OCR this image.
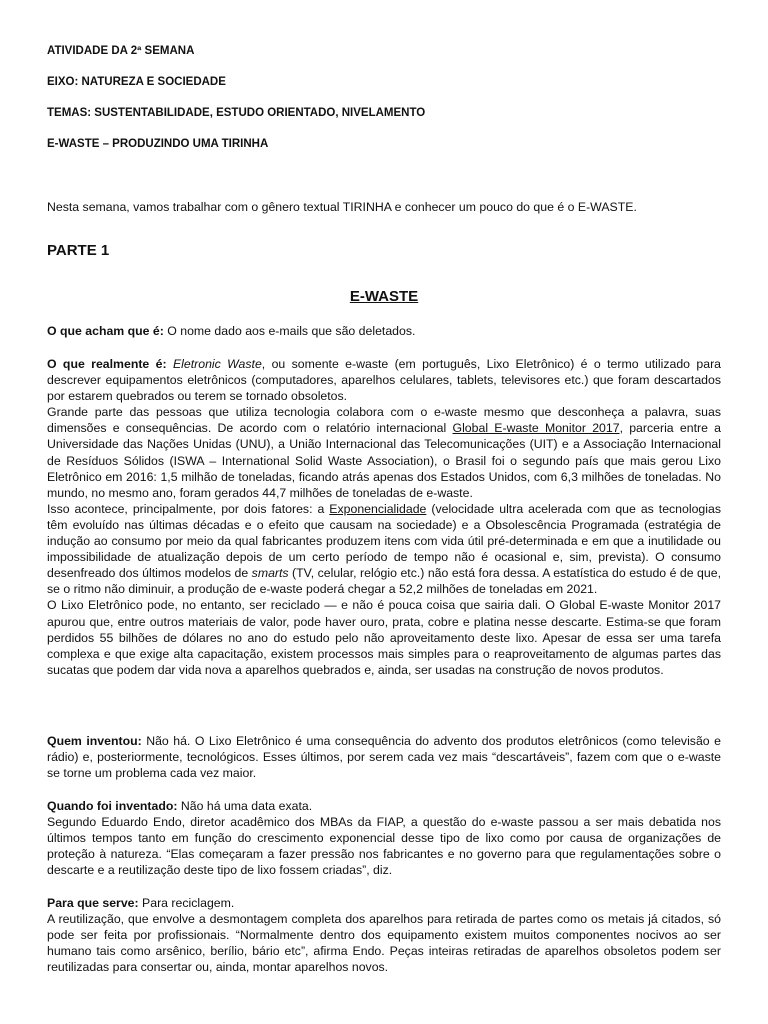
ATIVIDADE DA 2ª SEMANA

EIXO: NATUREZA E SOCIEDADE

TEMAS: SUSTENTABILIDADE, ESTUDO ORIENTADO, NIVELAMENTO

E-WASTE – PRODUZINDO UMA TIRINHA

Nesta semana, vamos trabalhar com o gênero textual TIRINHA e conhecer um pouco do que é o E-WASTE.

PARTE 1

E-WASTE

O que acham que é: O nome dado aos e-mails que são deletados.

O que realmente é: Eletronic Waste, ou somente e-waste (em português, Lixo Eletrônico) é o termo utilizado para descrever equipamentos eletrônicos (computadores, aparelhos celulares, tablets, televisores etc.) que foram descartados por estarem quebrados ou terem se tornado obsoletos.

Grande parte das pessoas que utiliza tecnologia colabora com o e-waste mesmo que desconheça a palavra, suas dimensões e consequências. De acordo com o relatório internacional Global E-waste Monitor 2017, parceria entre a Universidade das Nações Unidas (UNU), a União Internacional das Telecomunicações (UIT) e a Associação Internacional de Resíduos Sólidos (ISWA – International Solid Waste Association), o Brasil foi o segundo país que mais gerou Lixo Eletrônico em 2016: 1,5 milhão de toneladas, ficando atrás apenas dos Estados Unidos, com 6,3 milhões de toneladas. No mundo, no mesmo ano, foram gerados 44,7 milhões de toneladas de e-waste.

Isso acontece, principalmente, por dois fatores: a Exponencialidade (velocidade ultra acelerada com que as tecnologias têm evoluído nas últimas décadas e o efeito que causam na sociedade) e a Obsolescência Programada (estratégia de indução ao consumo por meio da qual fabricantes produzem itens com vida útil pré-determinada e em que a inutilidade ou impossibilidade de atualização depois de um certo período de tempo não é ocasional e, sim, prevista). O consumo desenfreado dos últimos modelos de smarts (TV, celular, relógio etc.) não está fora dessa. A estatística do estudo é de que, se o ritmo não diminuir, a produção de e-waste poderá chegar a 52,2 milhões de toneladas em 2021.

O Lixo Eletrônico pode, no entanto, ser reciclado — e não é pouca coisa que sairia dali. O Global E-waste Monitor 2017 apurou que, entre outros materiais de valor, pode haver ouro, prata, cobre e platina nesse descarte. Estima-se que foram perdidos 55 bilhões de dólares no ano do estudo pelo não aproveitamento deste lixo. Apesar de essa ser uma tarefa complexa e que exige alta capacitação, existem processos mais simples para o reaproveitamento de algumas partes das sucatas que podem dar vida nova a aparelhos quebrados e, ainda, ser usadas na construção de novos produtos.

Quem inventou: Não há. O Lixo Eletrônico é uma consequência do advento dos produtos eletrônicos (como televisão e rádio) e, posteriormente, tecnológicos. Esses últimos, por serem cada vez mais “descartáveis”, fazem com que o e-waste se torne um problema cada vez maior.

Quando foi inventado: Não há uma data exata.

Segundo Eduardo Endo, diretor acadêmico dos MBAs da FIAP, a questão do e-waste passou a ser mais debatida nos últimos tempos tanto em função do crescimento exponencial desse tipo de lixo como por causa de organizações de proteção à natureza. “Elas começaram a fazer pressão nos fabricantes e no governo para que regulamentações sobre o descarte e a reutilização deste tipo de lixo fossem criadas”, diz.

Para que serve: Para reciclagem.

A reutilização, que envolve a desmontagem completa dos aparelhos para retirada de partes como os metais já citados, só pode ser feita por profissionais. “Normalmente dentro dos equipamento existem muitos componentes nocivos ao ser humano tais como arsênico, berílio, bário etc”, afirma Endo. Peças inteiras retiradas de aparelhos obsoletos podem ser reutilizadas para consertar ou, ainda, montar aparelhos novos.
